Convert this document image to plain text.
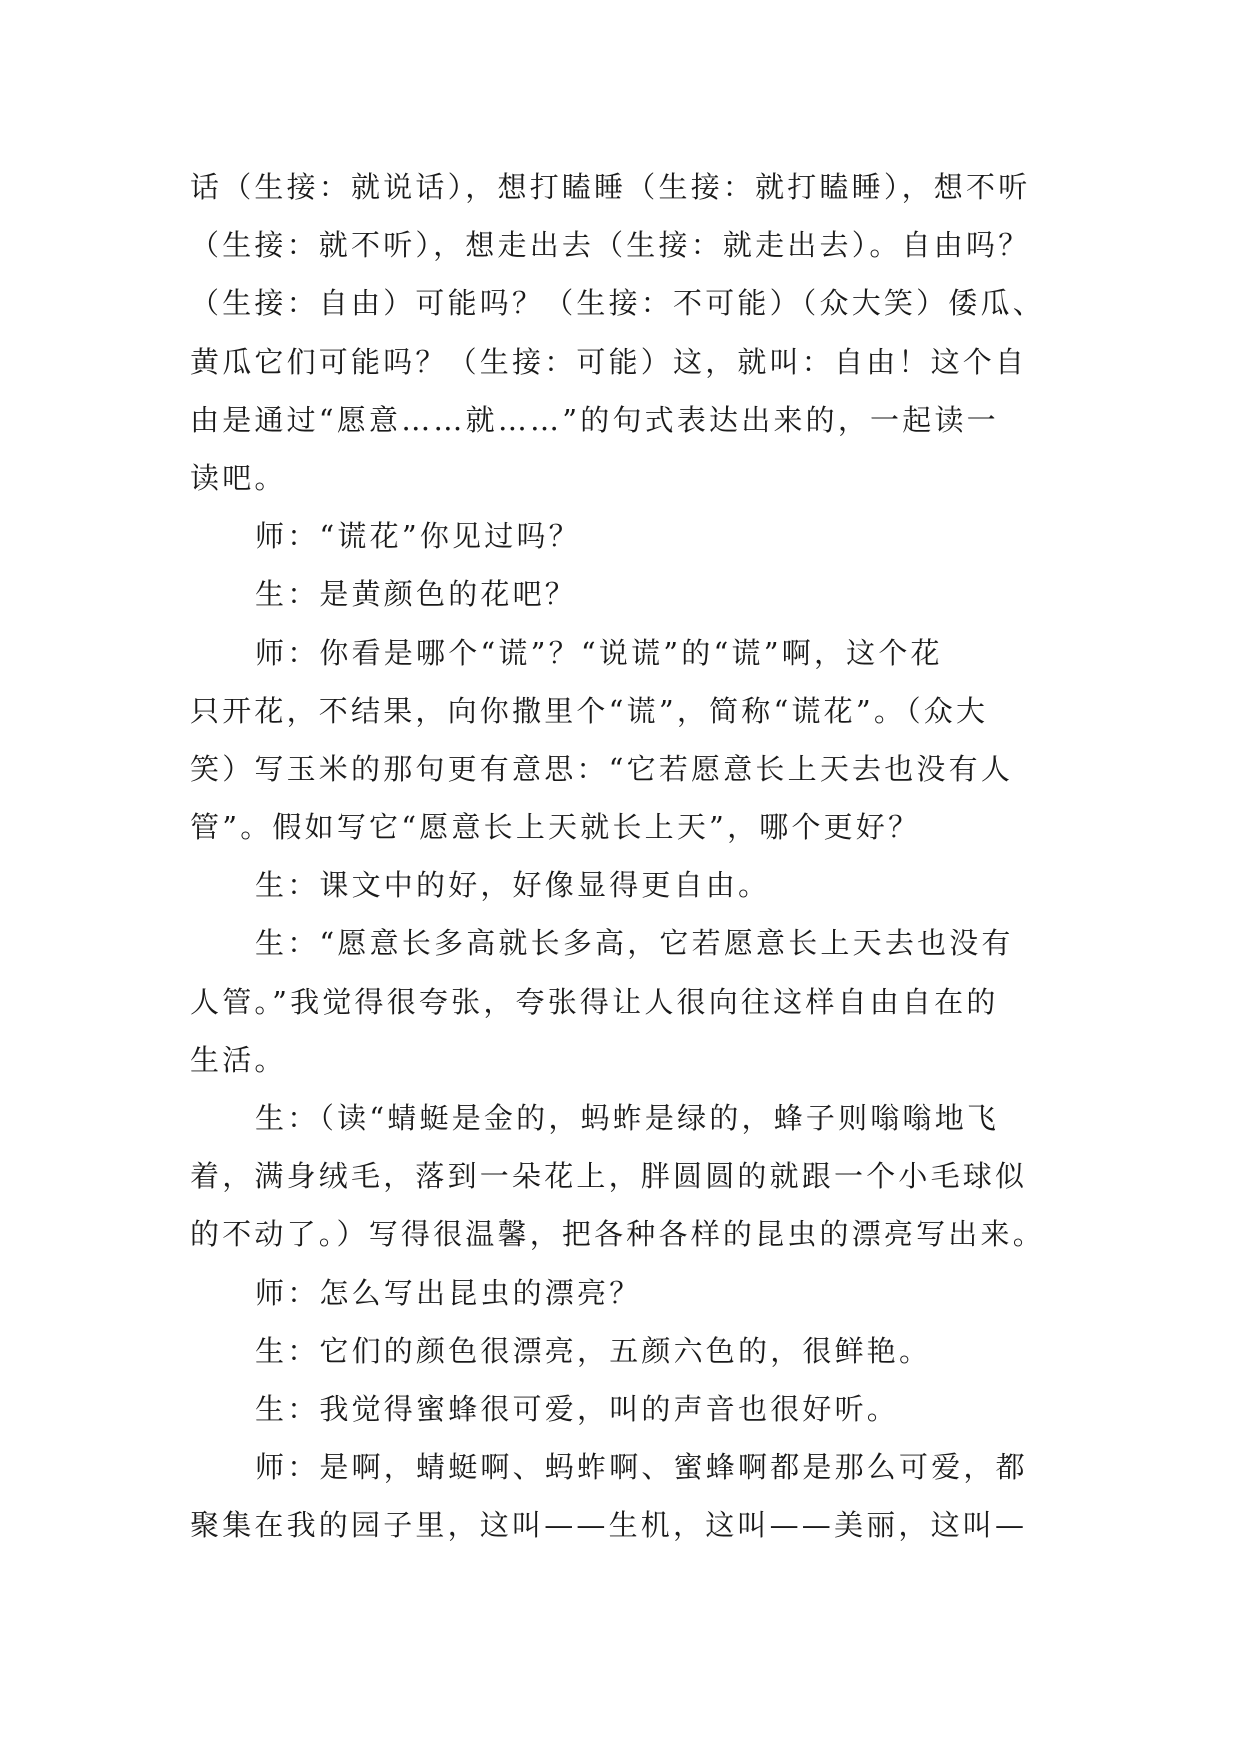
话（生接：就说话），想打瞌睡（生接：就打瞌睡），想不听
（生接：就不听），想走出去（生接：就走出去）。自由吗？
（生接：自由）可能吗？（生接：不可能）（众大笑）倭瓜、
黄瓜它们可能吗？（生接：可能）这，就叫：自由！这个自
由是通过“愿意……就……”的句式表达出来的，一起读一
读吧。

师：“谎花”你见过吗？

生：是黄颜色的花吧？

师：你看是哪个“谎”？“说谎”的“谎”啊，这个花
只开花，不结果，向你撒里个“谎”，简称“谎花”。（众大
笑）写玉米的那句更有意思：“它若愿意长上天去也没有人
管”。假如写它“愿意长上天就长上天”，哪个更好？

生：课文中的好，好像显得更自由。

生：“愿意长多高就长多高，它若愿意长上天去也没有
人管。”我觉得很夸张，夸张得让人很向往这样自由自在的
生活。

生：（读“蜻蜓是金的，蚂蚱是绿的，蜂子则嗡嗡地飞
着，满身绒毛，落到一朵花上，胖圆圆的就跟一个小毛球似
的不动了。）写得很温馨，把各种各样的昆虫的漂亮写出来。

师：怎么写出昆虫的漂亮？

生：它们的颜色很漂亮，五颜六色的，很鲜艳。

生：我觉得蜜蜂很可爱，叫的声音也很好听。

师：是啊，蜻蜓啊、蚂蚱啊、蜜蜂啊都是那么可爱，都
聚集在我的园子里，这叫——生机，这叫——美丽，这叫—
